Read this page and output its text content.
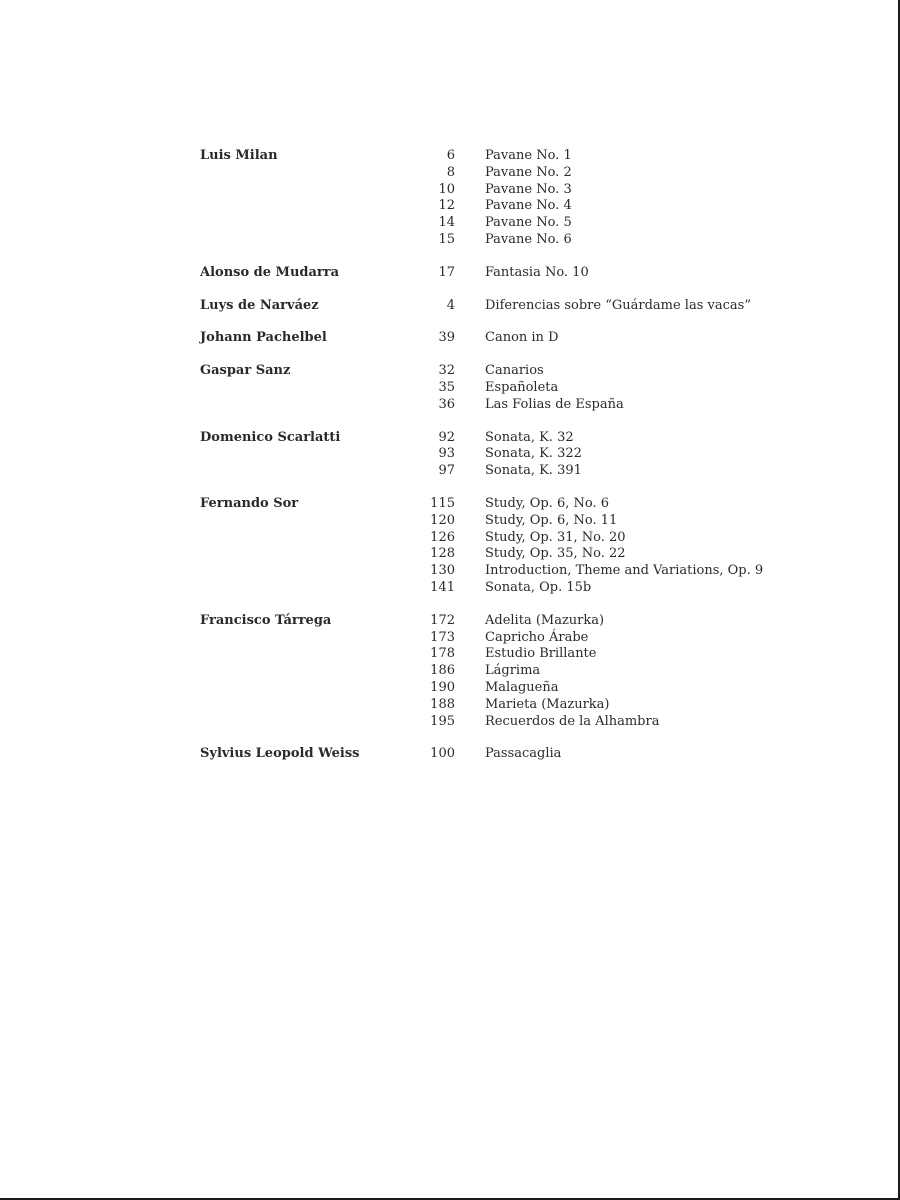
Luis Milan	6 Pavane No. 1
8 Pavane No. 2
10 Pavane No. 3
12 Pavane No. 4
14 Pavane No. 5
15 Pavane No. 6
Alonso de Mudarra	17 Fantasia No. 10
Luys de Narváez	4 Diferencias sobre “Guárdame las vacas”
Johann Pachelbel	39 Canon in D
Gaspar Sanz	32 Canarios
35 Españoleta
36 Las Folias de España
Domenico Scarlatti	92 Sonata, K. 32
93 Sonata, K. 322
97 Sonata, K. 391
Fernando Sor	115 Study, Op. 6, No. 6
120 Study, Op. 6, No. 11
126 Study, Op. 31, No. 20
128 Study, Op. 35, No. 22
130 Introduction, Theme and Variations, Op. 9
141 Sonata, Op. 15b
Francisco Tárrega	172 Adelita (Mazurka)
173 Capricho Árabe
178 Estudio Brillante
186 Lágrima
190 Malagueña
188 Marieta (Mazurka)
195 Recuerdos de la Alhambra
Sylvius Leopold Weiss	100 Passacaglia
